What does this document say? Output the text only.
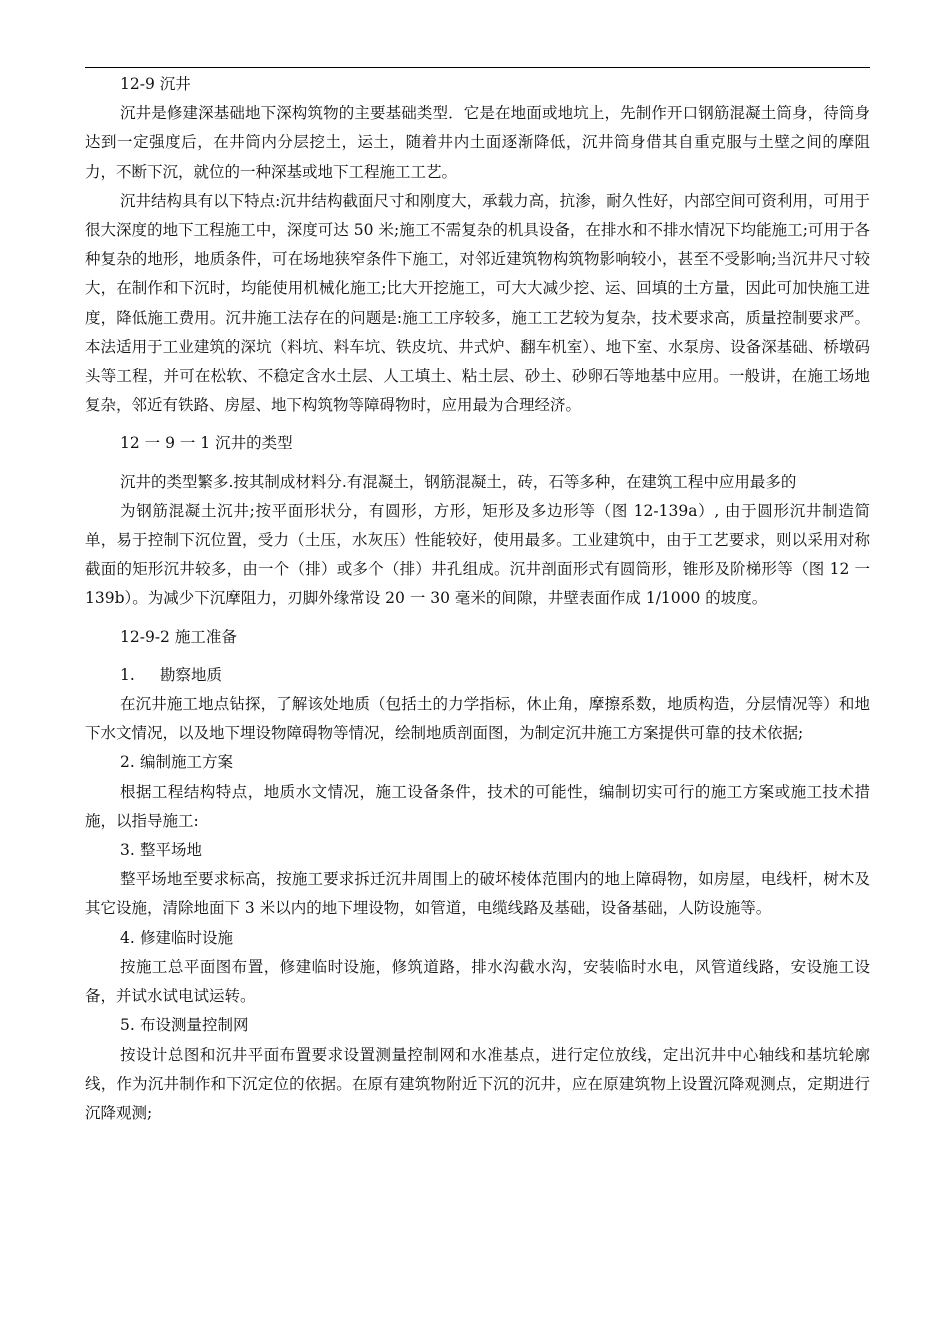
12-9 沉井

沉井是修建深基础地下深构筑物的主要基础类型．它是在地面或地坑上，先制作开口钢筋混凝土筒身，待筒身达到一定强度后，在井筒内分层挖土，运土，随着井内土面逐渐降低，沉井筒身借其自重克服与土壁之间的摩阻力，不断下沉，就位的一种深基或地下工程施工工艺。

沉井结构具有以下特点:沉井结构截面尺寸和刚度大，承载力高，抗渗，耐久性好，内部空间可资利用，可用于很大深度的地下工程施工中，深度可达 50 米;施工不需复杂的机具设备，在排水和不排水情况下均能施工;可用于各种复杂的地形，地质条件，可在场地狭窄条件下施工，对邻近建筑物构筑物影响较小，甚至不受影响;当沉井尺寸较大，在制作和下沉时，均能使用机械化施工;比大开挖施工，可大大减少挖、运、回填的土方量，因此可加快施工进度，降低施工费用。沉井施工法存在的问题是:施工工序较多，施工工艺较为复杂，技术要求高，质量控制要求严。本法适用于工业建筑的深坑（料坑、料车坑、铁皮坑、井式炉、翻车机室）、地下室、水泵房、设备深基础、桥墩码头等工程，并可在松软、不稳定含水土层、人工填土、粘土层、砂土、砂卵石等地基中应用。一般讲，在施工场地复杂，邻近有铁路、房屋、地下构筑物等障碍物时，应用最为合理经济。

12 一 9 一 1 沉井的类型

沉井的类型繁多.按其制成材料分.有混凝土，钢筋混凝土，砖，石等多种，在建筑工程中应用最多的

为钢筋混凝土沉井;按平面形状分，有圆形，方形，矩形及多边形等（图 12-139a）, 由于圆形沉井制造简单，易于控制下沉位置，受力（土压，水灰压）性能较好，使用最多。工业建筑中，由于工艺要求，则以采用对称截面的矩形沉井较多，由一个（排）或多个（排）井孔组成。沉井剖面形式有圆筒形，锥形及阶梯形等（图 12 一 139b）。为减少下沉摩阻力，刃脚外缘常设 20 一 30 毫米的间隙，井壁表面作成 1/1000 的坡度。

12-9-2 施工准备

1. 勘察地质

在沉井施工地点钻探，了解该处地质（包括土的力学指标，休止角，摩擦系数，地质构造，分层情况等）和地下水文情况，以及地下埋设物障碍物等情况，绘制地质剖面图，为制定沉井施工方案提供可靠的技术依据;

2. 编制施工方案

根据工程结构特点，地质水文情况，施工设备条件，技术的可能性，编制切实可行的施工方案或施工技术措施，以指导施工:

3. 整平场地

整平场地至要求标高，按施工要求拆迁沉井周围上的破坏棱体范围内的地上障碍物，如房屋，电线杆，树木及其它设施，清除地面下 3 米以内的地下埋设物，如管道，电缆线路及基础，设备基础，人防设施等。

4. 修建临时设施

按施工总平面图布置，修建临时设施，修筑道路，排水沟截水沟，安装临时水电，风管道线路，安设施工设备，并试水试电试运转。

5. 布设测量控制网

按设计总图和沉井平面布置要求设置测量控制网和水准基点，进行定位放线，定出沉井中心轴线和基坑轮廓线，作为沉井制作和下沉定位的依据。在原有建筑物附近下沉的沉井，应在原建筑物上设置沉降观测点，定期进行沉降观测;
